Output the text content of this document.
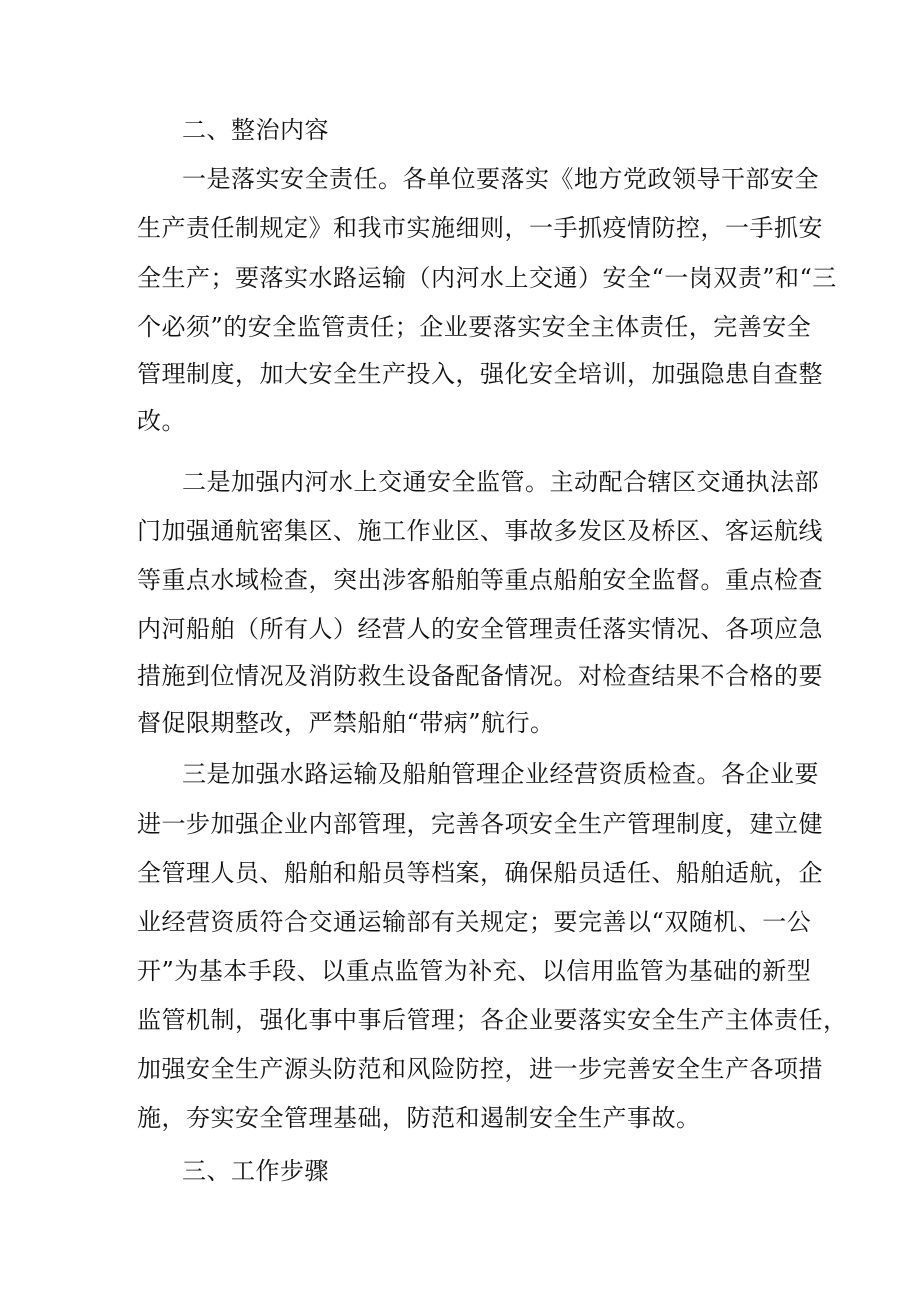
二、整治内容
一是落实安全责任。各单位要落实《地方党政领导干部安全
生产责任制规定》和我市实施细则，一手抓疫情防控，一手抓安
全生产；要落实水路运输（内河水上交通）安全“一岗双责”和“三
个必须”的安全监管责任；企业要落实安全主体责任，完善安全
管理制度，加大安全生产投入，强化安全培训，加强隐患自查整
改。
二是加强内河水上交通安全监管。主动配合辖区交通执法部
门加强通航密集区、施工作业区、事故多发区及桥区、客运航线
等重点水域检查，突出涉客船舶等重点船舶安全监督。重点检查
内河船舶（所有人）经营人的安全管理责任落实情况、各项应急
措施到位情况及消防救生设备配备情况。对检查结果不合格的要
督促限期整改，严禁船舶“带病”航行。
三是加强水路运输及船舶管理企业经营资质检查。各企业要
进一步加强企业内部管理，完善各项安全生产管理制度，建立健
全管理人员、船舶和船员等档案，确保船员适任、船舶适航，企
业经营资质符合交通运输部有关规定；要完善以“双随机、一公
开”为基本手段、以重点监管为补充、以信用监管为基础的新型
监管机制，强化事中事后管理；各企业要落实安全生产主体责任，
加强安全生产源头防范和风险防控，进一步完善安全生产各项措
施，夯实安全管理基础，防范和遏制安全生产事故。
三、工作步骤
